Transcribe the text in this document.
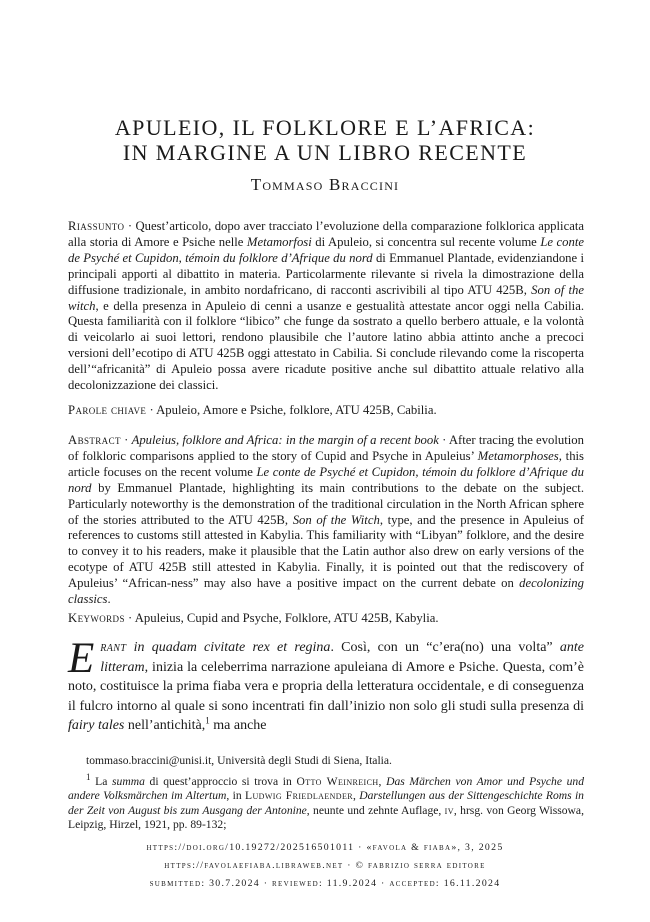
APULEIO, IL FOLKLORE E L’AFRICA:
IN MARGINE A UN LIBRO RECENTE
Tommaso Braccini
Riassunto · Quest’articolo, dopo aver tracciato l’evoluzione della comparazione folklorica applicata alla storia di Amore e Psiche nelle Metamorfosi di Apuleio, si concentra sul recente volume Le conte de Psyché et Cupidon, témoin du folklore d’Afrique du nord di Emmanuel Plantade, evidenziandone i principali apporti al dibattito in materia. Particolarmente rilevante si rivela la dimostrazione della diffusione tradizionale, in ambito nordafricano, di racconti ascrivibili al tipo ATU 425B, Son of the witch, e della presenza in Apuleio di cenni a usanze e gestualità attestate ancor oggi nella Cabilia. Questa familiarità con il folklore “libico” che funge da sostrato a quello berbero attuale, e la volontà di veicolarlo ai suoi lettori, rendono plausibile che l’autore latino abbia attinto anche a precoci versioni dell’ecotipo di ATU 425B oggi attestato in Cabilia. Si conclude rilevando come la riscoperta dell’“africanità” di Apuleio possa avere ricadute positive anche sul dibattito attuale relativo alla decolonizzazione dei classici.
Parole chiave · Apuleio, Amore e Psiche, folklore, ATU 425B, Cabilia.
Abstract · Apuleius, folklore and Africa: in the margin of a recent book · After tracing the evolution of folkloric comparisons applied to the story of Cupid and Psyche in Apuleius’ Metamorphoses, this article focuses on the recent volume Le conte de Psyché et Cupidon, témoin du folklore d’Afrique du nord by Emmanuel Plantade, highlighting its main contributions to the debate on the subject. Particularly noteworthy is the demonstration of the traditional circulation in the North African sphere of the stories attributed to the ATU 425B, Son of the Witch, type, and the presence in Apuleius of references to customs still attested in Kabylia. This familiarity with “Libyan” folklore, and the desire to convey it to his readers, make it plausible that the Latin author also drew on early versions of the ecotype of ATU 425B still attested in Kabylia. Finally, it is pointed out that the rediscovery of Apuleius’ “African-ness” may also have a positive impact on the current debate on decolonizing classics.
Keywords · Apuleius, Cupid and Psyche, Folklore, ATU 425B, Kabylia.
Erant in quadam civitate rex et regina. Così, con un “c’era(no) una volta” ante litteram, inizia la celeberrima narrazione apuleiana di Amore e Psiche. Questa, com’è noto, costituisce la prima fiaba vera e propria della letteratura occidentale, e di conseguenza il fulcro intorno al quale si sono incentrati fin dall’inizio non solo gli studi sulla presenza di fairy tales nell’antichità,$^1$ ma anche
tommaso.braccini@unisi.it, Università degli Studi di Siena, Italia.
$^1$ La summa di quest’approccio si trova in Otto Weinreich, Das Märchen von Amor und Psyche und andere Volksmärchen im Altertum, in Ludwig Friedlaender, Darstellungen aus der Sittengeschichte Roms in der Zeit von August bis zum Ausgang der Antonine, neunte und zehnte Auflage, iv, hrsg. von Georg Wissowa, Leipzig, Hirzel, 1921, pp. 89-132;
https://doi.org/10.19272/202516501011 · «favola & fiaba», 3, 2025
https://favolaefiaba.libraweb.net · © fabrizio serra editore
submitted: 30.7.2024 · reviewed: 11.9.2024 · accepted: 16.11.2024
